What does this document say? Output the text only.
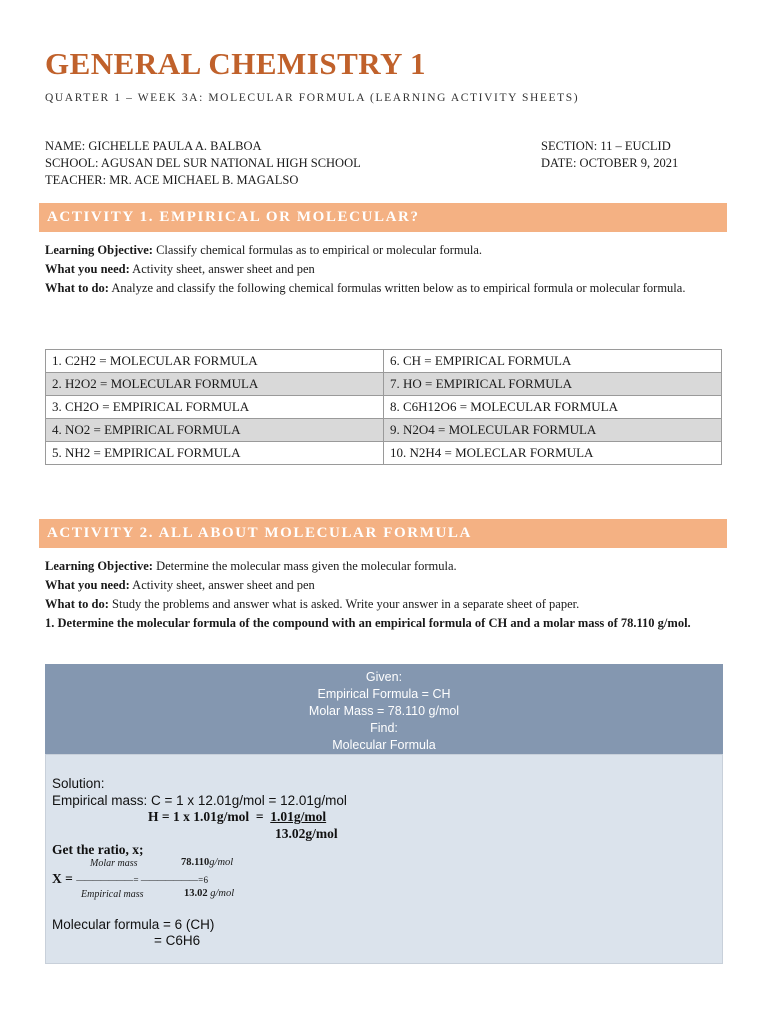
GENERAL CHEMISTRY 1
QUARTER 1 – WEEK 3A: MOLECULAR FORMULA (LEARNING ACTIVITY SHEETS)
NAME: GICHELLE PAULA A. BALBOA
SCHOOL: AGUSAN DEL SUR NATIONAL HIGH SCHOOL
TEACHER: MR. ACE MICHAEL B. MAGALSO
SECTION: 11 – EUCLID
DATE: OCTOBER 9, 2021
ACTIVITY 1. EMPIRICAL OR MOLECULAR?
Learning Objective: Classify chemical formulas as to empirical or molecular formula.
What you need: Activity sheet, answer sheet and pen
What to do: Analyze and classify the following chemical formulas written below as to empirical formula or molecular formula.
1. C2H2 = MOLECULAR FORMULA	6. CH = EMPIRICAL FORMULA
2. H2O2 = MOLECULAR FORMULA	7. HO = EMPIRICAL FORMULA
3. CH2O = EMPIRICAL FORMULA	8. C6H12O6 = MOLECULAR FORMULA
4. NO2 = EMPIRICAL FORMULA	9. N2O4 = MOLECULAR FORMULA
5. NH2 = EMPIRICAL FORMULA	10. N2H4 = MOLECLAR FORMULA
ACTIVITY 2. ALL ABOUT MOLECULAR FORMULA
Learning Objective: Determine the molecular mass given the molecular formula.
What you need: Activity sheet, answer sheet and pen
What to do: Study the problems and answer what is asked. Write your answer in a separate sheet of paper.
1. Determine the molecular formula of the compound with an empirical formula of CH and a molar mass of 78.110 g/mol.
Given:
Empirical Formula = CH
Molar Mass = 78.110 g/mol
Find:
Molecular Formula
Solution:
Empirical mass: C = 1 x 12.01g/mol = 12.01g/mol
H = 1 x 1.01g/mol  =  1.01g/mol
13.02g/mol
Get the ratio, x;
Molar mass	78.110g/mol
X = ——————— = ——————— = 6
Empirical mass	13.02 g/mol
Molecular formula = 6 (CH)
= C6H6
